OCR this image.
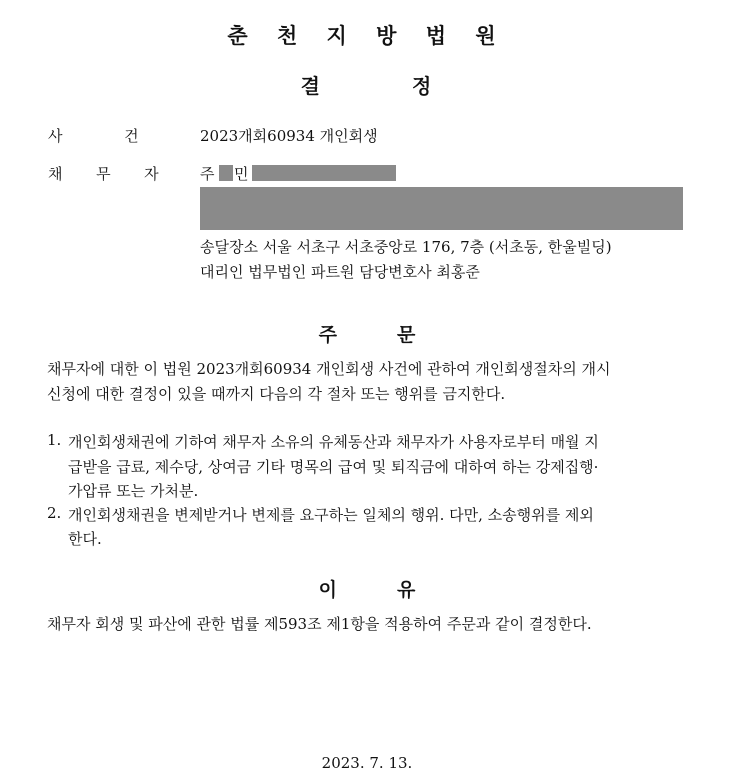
춘 천 지 방 법 원
결	정
사	건	2023개회60934 개인회생
채 무 자	주 민
송달장소 서울 서초구 서초중앙로 176, 7층 (서초동, 한울빌딩)
대리인 법무법인 파트원 담당변호사 최홍준
주	문
채무자에 대한 이 법원 2023개회60934 개인회생 사건에 관하여 개인회생절차의 개시
신청에 대한 결정이 있을 때까지 다음의 각 절차 또는 행위를 금지한다.
1. 개인회생채권에 기하여 채무자 소유의 유체동산과 채무자가 사용자로부터 매월 지
급받을 급료, 제수당, 상여금 기타 명목의 급여 및 퇴직금에 대하여 하는 강제집행·
가압류 또는 가처분.
2. 개인회생채권을 변제받거나 변제를 요구하는 일체의 행위. 다만, 소송행위를 제외
한다.
이	유
채무자 회생 및 파산에 관한 법률 제593조 제1항을 적용하여 주문과 같이 결정한다.
2023. 7. 13.
